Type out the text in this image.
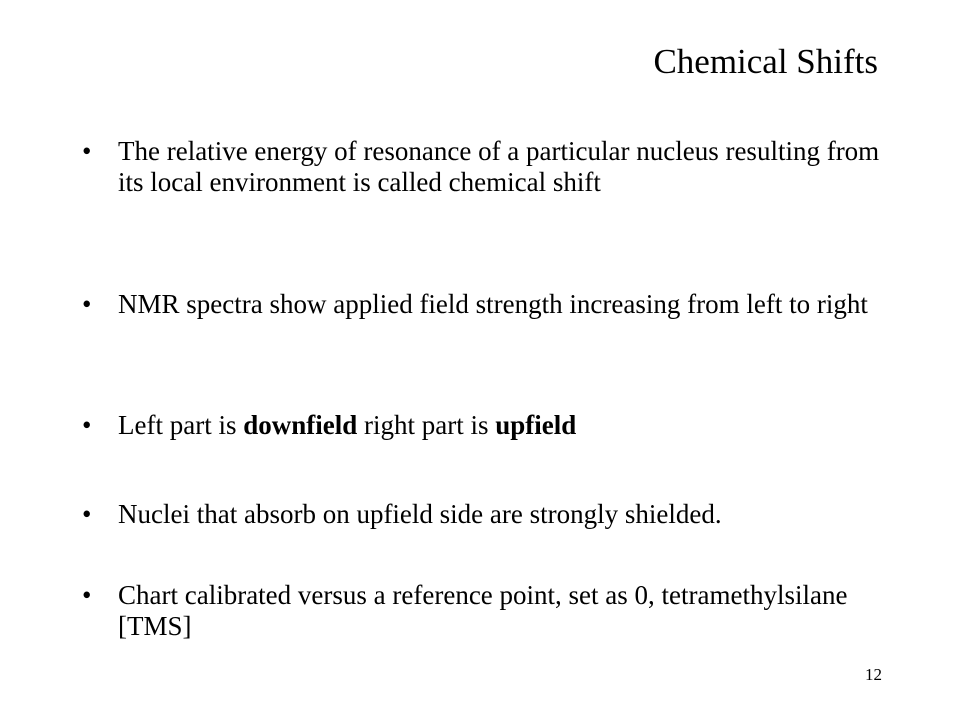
Chemical Shifts
• The relative energy of resonance of a particular nucleus resulting from its local environment is called chemical shift
• NMR spectra show applied field strength increasing from left to right
• Left part is downfield right part is upfield
• Nuclei that absorb on upfield side are strongly shielded.
• Chart calibrated versus a reference point, set as 0, tetramethylsilane [TMS]
12
